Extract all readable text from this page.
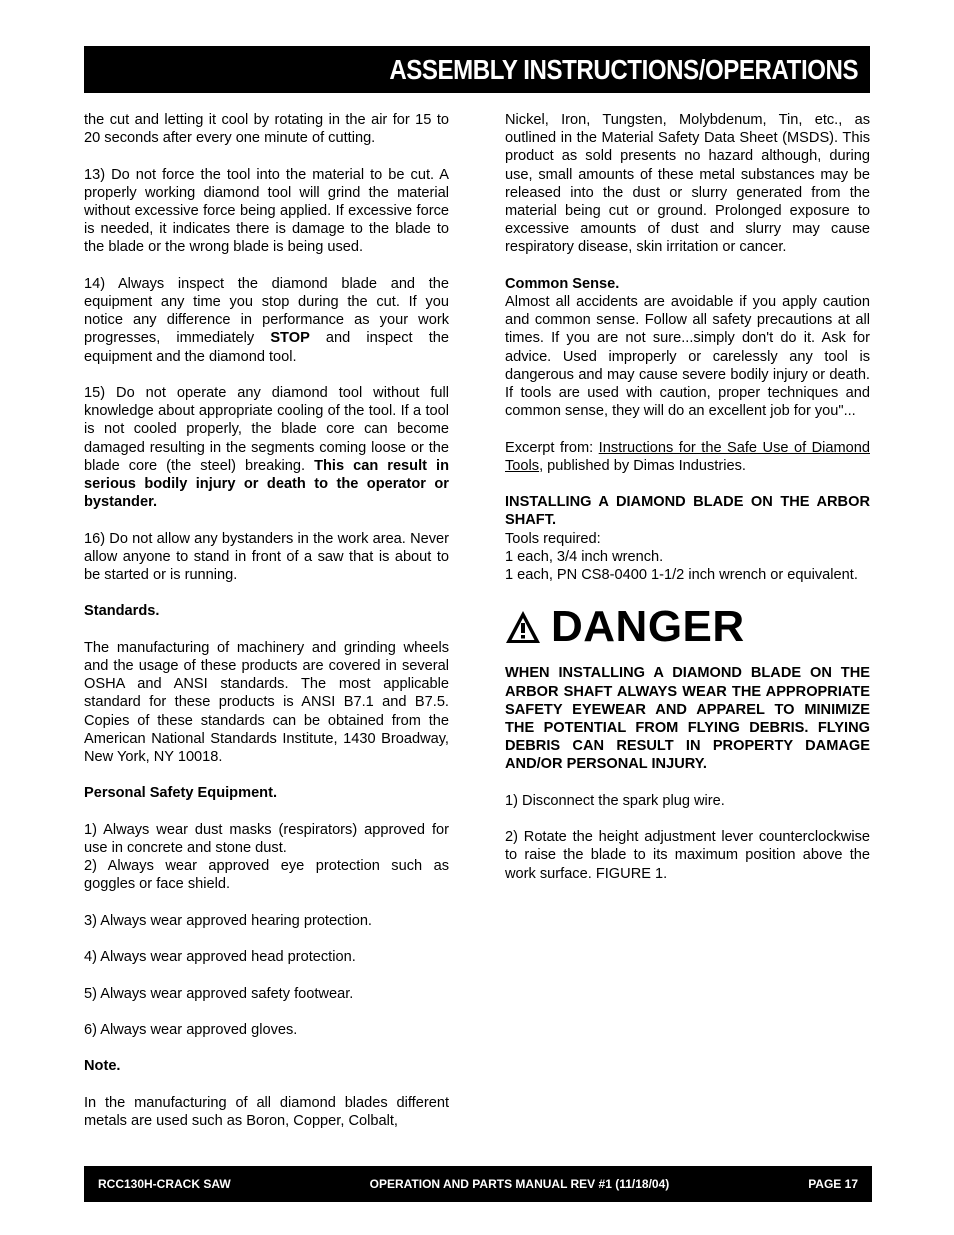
ASSEMBLY INSTRUCTIONS/OPERATIONS

the cut and letting it cool by rotating in the air for 15 to 20 seconds after every one minute of cutting.

13) Do not force the tool into the material to be cut. A properly working diamond tool will grind the material without excessive force being applied. If excessive force is needed, it indicates there is damage to the blade to the blade or the wrong blade is being used.

14) Always inspect the diamond blade and the equipment any time you stop during the cut. If you notice any difference in performance as your work progresses, immediately STOP and inspect the equipment and the diamond tool.

15) Do not operate any diamond tool without full knowledge about appropriate cooling of the tool. If a tool is not cooled properly, the blade core can become damaged resulting in the segments coming loose or the blade core (the steel) breaking. This can result in serious bodily injury or death to the operator or bystander.

16) Do not allow any bystanders in the work area. Never allow anyone to stand in front of a saw that is about to be started or is running.

Standards.

The manufacturing of machinery and grinding wheels and the usage of these products are covered in several OSHA and ANSI standards. The most applicable standard for these products is ANSI B7.1 and B7.5. Copies of these standards can be obtained from the American National Standards Institute, 1430 Broadway, New York, NY 10018.

Personal Safety Equipment.

1) Always wear dust masks (respirators) approved for use in concrete and stone dust.

2) Always wear approved eye protection such as goggles or face shield.

3) Always wear approved hearing protection.

4) Always wear approved head protection.

5) Always wear approved safety footwear.

6) Always wear approved gloves.

Note.

In the manufacturing of all diamond blades different metals are used such as Boron, Copper, Colbalt,

Nickel, Iron, Tungsten, Molybdenum, Tin, etc., as outlined in the Material Safety Data Sheet (MSDS). This product as sold presents no hazard although, during use, small amounts of these metal substances may be released into the dust or slurry generated from the material being cut or ground. Prolonged exposure to excessive amounts of dust and slurry may cause respiratory disease, skin irritation or cancer.

Common Sense.

Almost all accidents are avoidable if you apply caution and common sense. Follow all safety precautions at all times. If you are not sure...simply don't do it. Ask for advice. Used improperly or carelessly any tool is dangerous and may cause severe bodily injury or death. If tools are used with caution, proper techniques and common sense, they will do an excellent job for you"...

Excerpt from: Instructions for the Safe Use of Diamond Tools, published by Dimas Industries.

INSTALLING A DIAMOND BLADE ON THE ARBOR SHAFT.

Tools required:

1 each, 3/4 inch wrench.

1 each, PN CS8-0400 1-1/2 inch wrench or equivalent.

DANGER

WHEN INSTALLING A DIAMOND BLADE ON THE ARBOR SHAFT ALWAYS WEAR THE APPROPRIATE SAFETY EYEWEAR AND APPAREL TO MINIMIZE THE POTENTIAL FROM FLYING DEBRIS. FLYING DEBRIS CAN RESULT IN PROPERTY DAMAGE AND/OR PERSONAL INJURY.

1) Disconnect the spark plug wire.

2) Rotate the height adjustment lever counterclockwise to raise the blade to its maximum position above the work surface. FIGURE 1.

RCC130H-CRACK SAW	OPERATION AND PARTS MANUAL REV #1 (11/18/04)	PAGE 17
